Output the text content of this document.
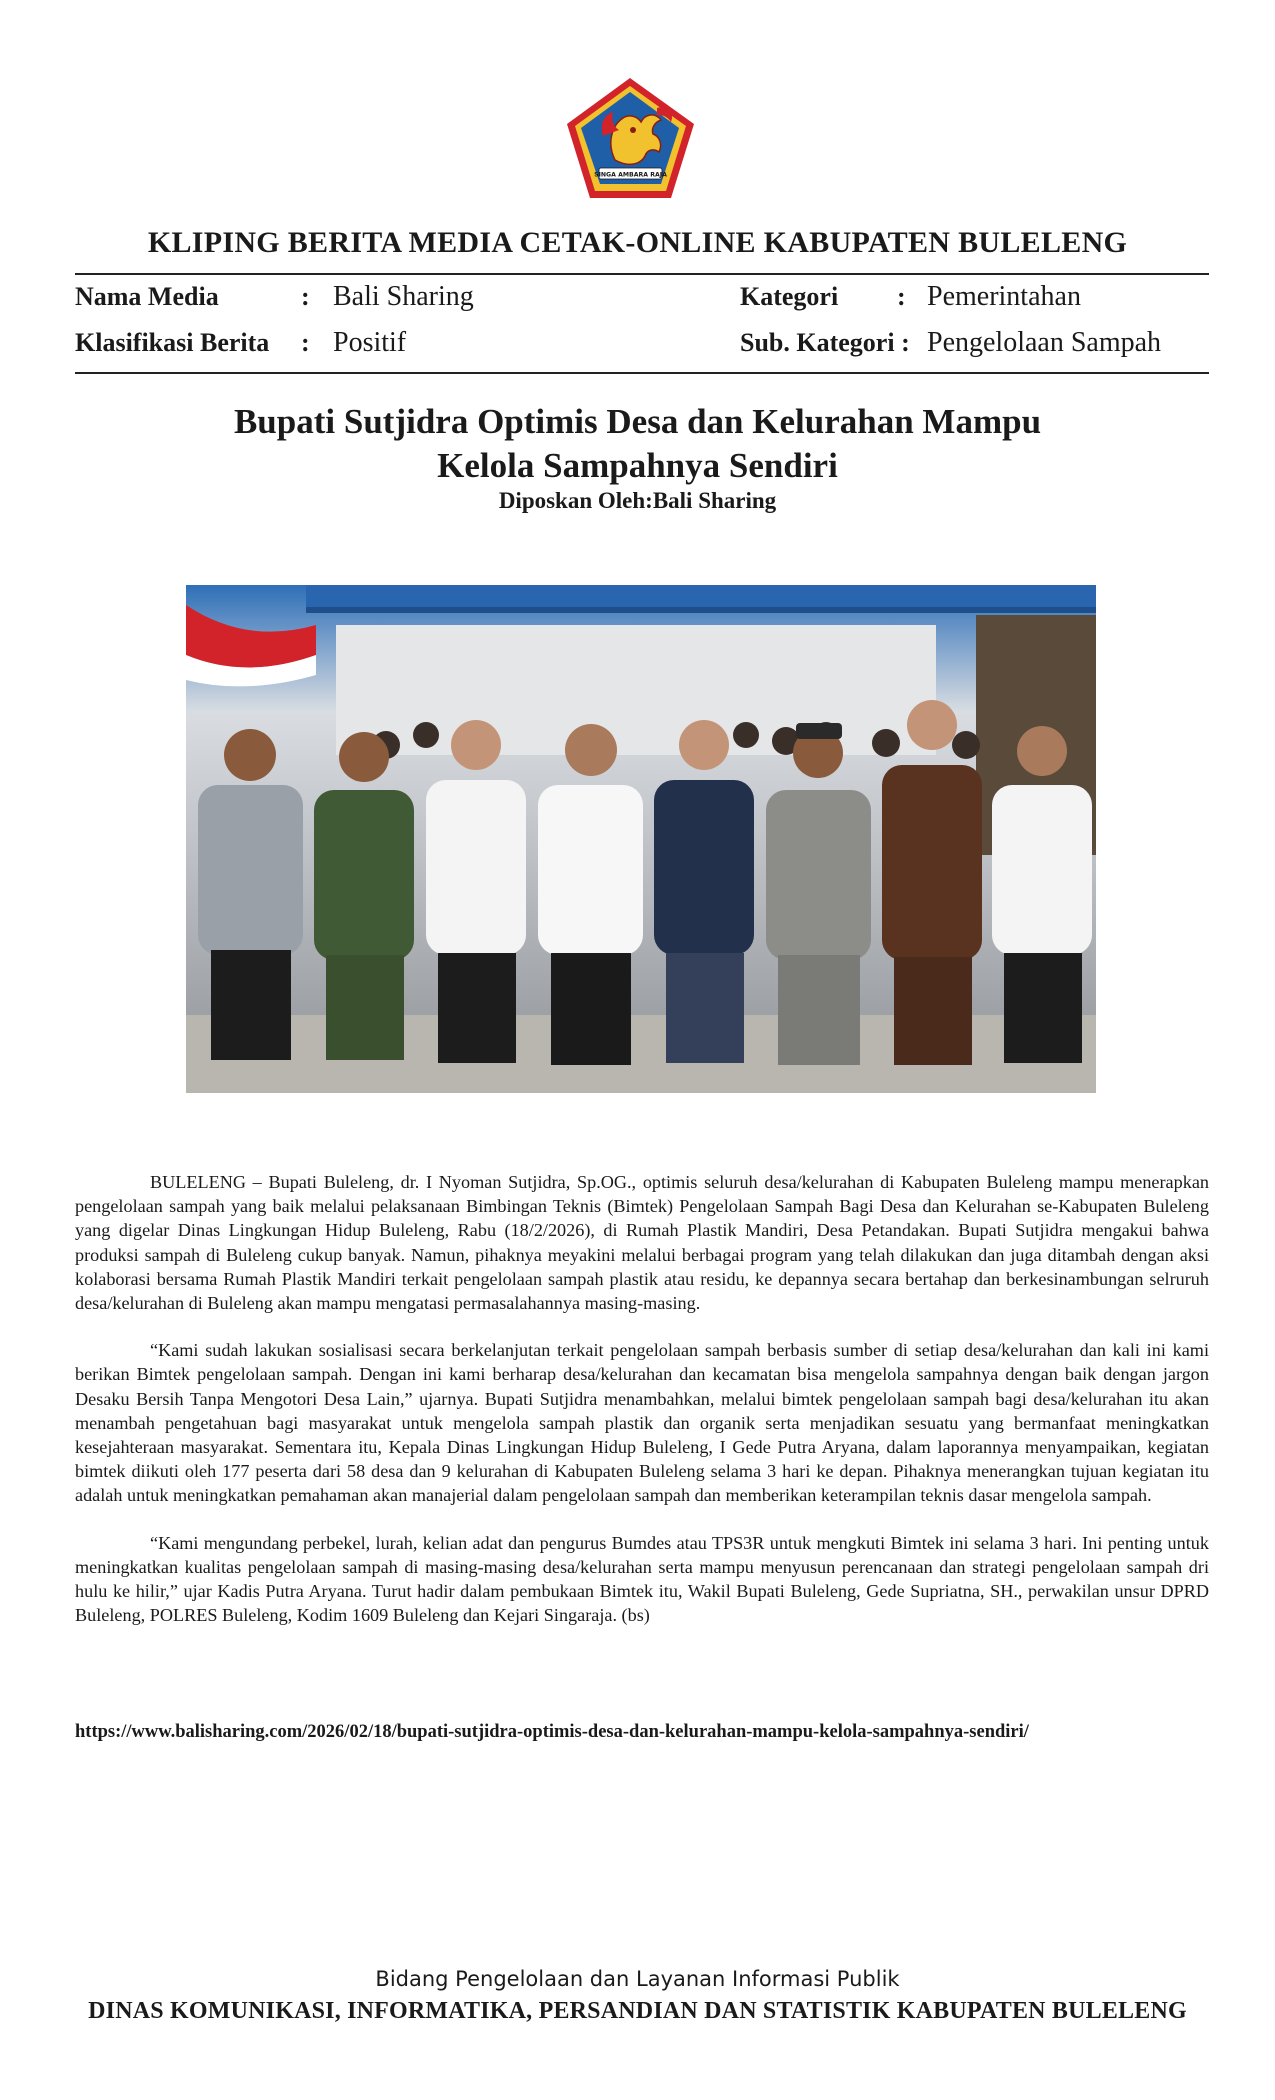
SINGA AMBARA RAJA
KLIPING BERITA MEDIA CETAK-ONLINE KABUPATEN BULELENG
Nama Media	: Bali Sharing
Klasifikasi Berita : Positif
Kategori : Pemerintahan
Sub. Kategori : Pengelolaan Sampah
Bupati Sutjidra Optimis Desa dan Kelurahan Mampu
Kelola Sampahnya Sendiri
Diposkan Oleh:Bali Sharing

BULELENG – Bupati Buleleng, dr. I Nyoman Sutjidra, Sp.OG., optimis seluruh desa/kelurahan di Kabupaten Buleleng mampu menerapkan pengelolaan sampah yang baik melalui pelaksanaan Bimbingan Teknis (Bimtek) Pengelolaan Sampah Bagi Desa dan Kelurahan se-Kabupaten Buleleng yang digelar Dinas Lingkungan Hidup Buleleng, Rabu (18/2/2026), di Rumah Plastik Mandiri, Desa Petandakan. Bupati Sutjidra mengakui bahwa produksi sampah di Buleleng cukup banyak. Namun, pihaknya meyakini melalui berbagai program yang telah dilakukan dan juga ditambah dengan aksi kolaborasi bersama Rumah Plastik Mandiri terkait pengelolaan sampah plastik atau residu, ke depannya secara bertahap dan berkesinambungan selruruh desa/kelurahan di Buleleng akan mampu mengatasi permasalahannya masing-masing.

“Kami sudah lakukan sosialisasi secara berkelanjutan terkait pengelolaan sampah berbasis sumber di setiap desa/kelurahan dan kali ini kami berikan Bimtek pengelolaan sampah. Dengan ini kami berharap desa/kelurahan dan kecamatan bisa mengelola sampahnya dengan baik dengan jargon Desaku Bersih Tanpa Mengotori Desa Lain,” ujarnya. Bupati Sutjidra menambahkan, melalui bimtek pengelolaan sampah bagi desa/kelurahan itu akan menambah pengetahuan bagi masyarakat untuk mengelola sampah plastik dan organik serta menjadikan sesuatu yang bermanfaat meningkatkan kesejahteraan masyarakat. Sementara itu, Kepala Dinas Lingkungan Hidup Buleleng, I Gede Putra Aryana, dalam laporannya menyampaikan, kegiatan bimtek diikuti oleh 177 peserta dari 58 desa dan 9 kelurahan di Kabupaten Buleleng selama 3 hari ke depan. Pihaknya menerangkan tujuan kegiatan itu adalah untuk meningkatkan pemahaman akan manajerial dalam pengelolaan sampah dan memberikan keterampilan teknis dasar mengelola sampah.

“Kami mengundang perbekel, lurah, kelian adat dan pengurus Bumdes atau TPS3R untuk mengkuti Bimtek ini selama 3 hari. Ini penting untuk meningkatkan kualitas pengelolaan sampah di masing-masing desa/kelurahan serta mampu menyusun perencanaan dan strategi pengelolaan sampah dri hulu ke hilir,” ujar Kadis Putra Aryana. Turut hadir dalam pembukaan Bimtek itu, Wakil Bupati Buleleng, Gede Supriatna, SH., perwakilan unsur DPRD Buleleng, POLRES Buleleng, Kodim 1609 Buleleng dan Kejari Singaraja. (bs)

https://www.balisharing.com/2026/02/18/bupati-sutjidra-optimis-desa-dan-kelurahan-mampu-kelola-sampahnya-sendiri/
Bidang Pengelolaan dan Layanan Informasi Publik
DINAS KOMUNIKASI, INFORMATIKA, PERSANDIAN DAN STATISTIK KABUPATEN BULELENG
